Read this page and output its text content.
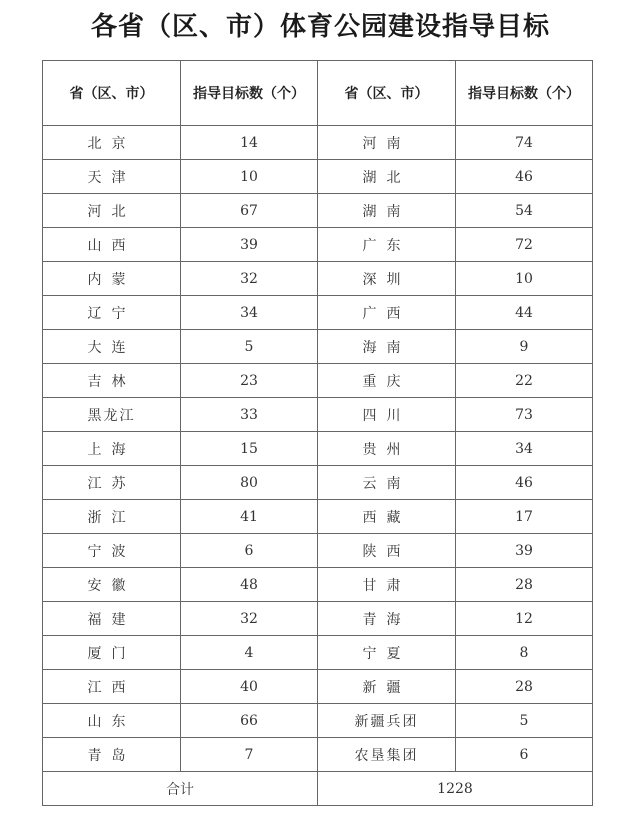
各省（区、市）体育公园建设指导目标
省（区、市）	指导目标数（个）	省（区、市）	指导目标数（个）
北京	14	河南	74
天津	10	湖北	46
河北	67	湖南	54
山西	39	广东	72
内蒙	32	深圳	10
辽宁	34	广西	44
大连	5	海南	9
吉林	23	重庆	22
黑龙江	33	四川	73
上海	15	贵州	34
江苏	80	云南	46
浙江	41	西藏	17
宁波	6	陕西	39
安徽	48	甘肃	28
福建	32	青海	12
厦门	4	宁夏	8
江西	40	新疆	28
山东	66	新疆兵团	5
青岛	7	农垦集团	6
合计		1228	
